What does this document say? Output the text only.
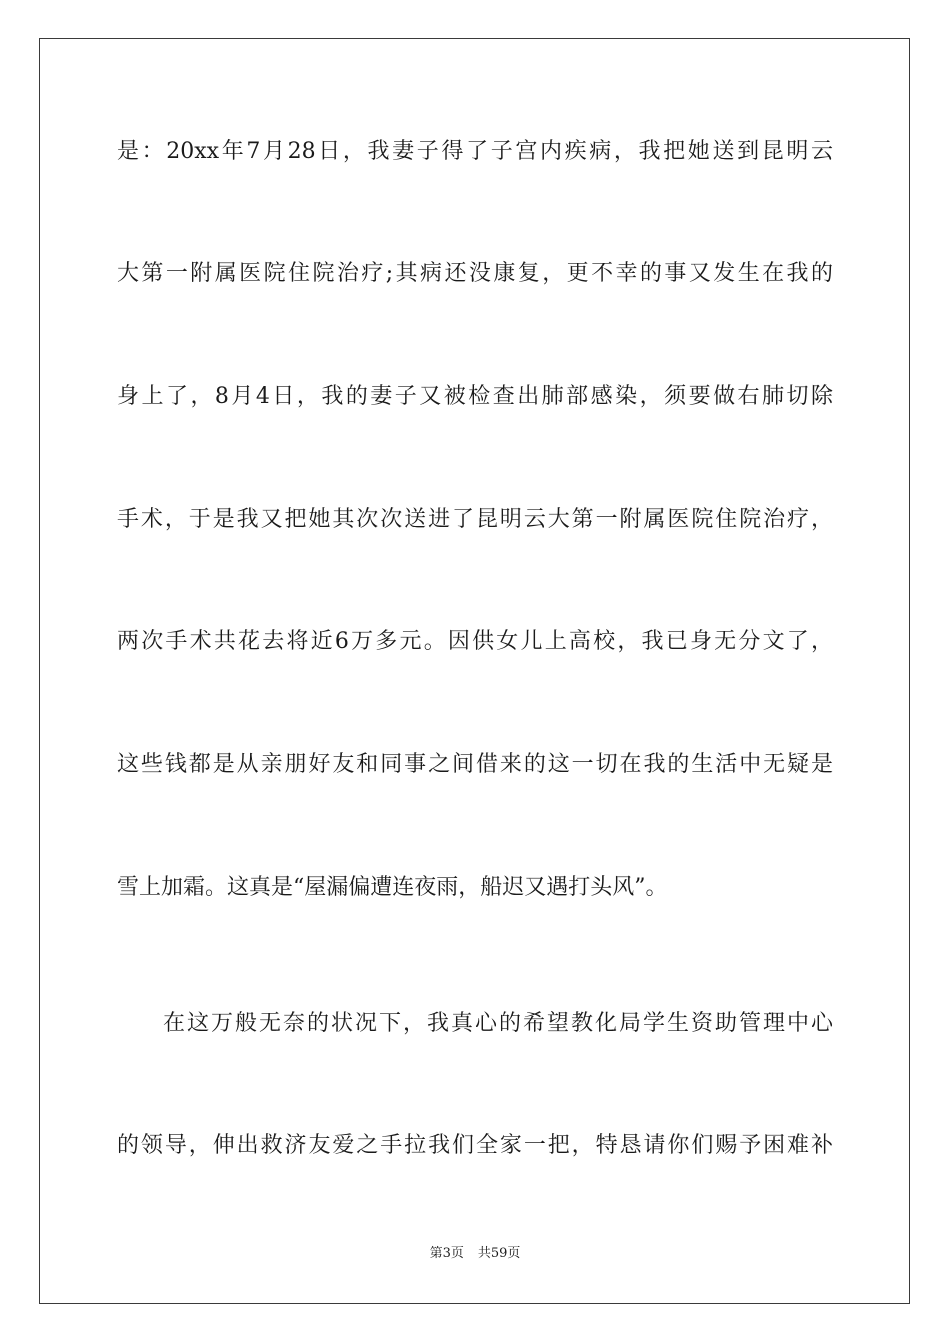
是：20xx年7月28日，我妻子得了子宫内疾病，我把她送到昆明云
大第一附属医院住院治疗;其病还没康复，更不幸的事又发生在我的
身上了，8月4日，我的妻子又被检查出肺部感染，须要做右肺切除
手术，于是我又把她其次次送进了昆明云大第一附属医院住院治疗，
两次手术共花去将近6万多元。因供女儿上高校，我已身无分文了，
这些钱都是从亲朋好友和同事之间借来的这一切在我的生活中无疑是
雪上加霜。这真是“屋漏偏遭连夜雨，船迟又遇打头风”。
在这万般无奈的状况下，我真心的希望教化局学生资助管理中心
的领导，伸出救济友爱之手拉我们全家一把，特恳请你们赐予困难补
第3页 共59页
